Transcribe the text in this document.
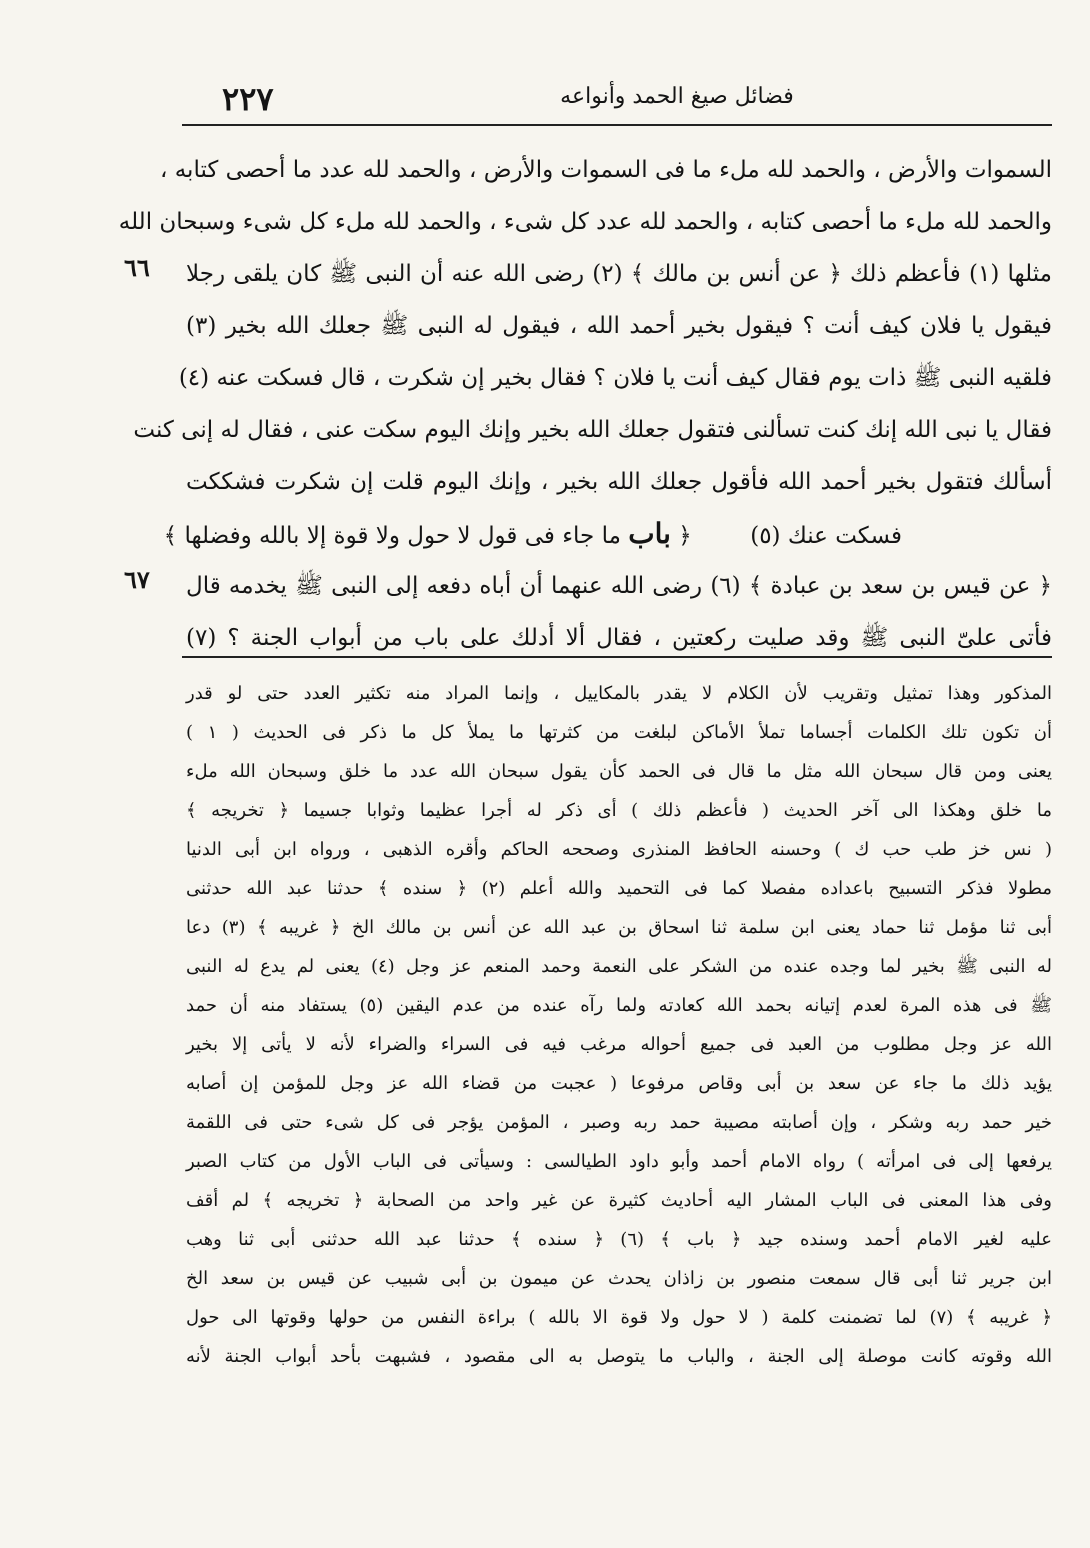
٢٢٧	فضائل صيغ الحمد وأنواعه
٦٦
٦٧
السموات والأرض ، والحمد لله ملء ما فى السموات والأرض ، والحمد لله عدد ما أحصى كتابه ،
والحمد لله ملء ما أحصى كتابه ، والحمد لله عدد كل شىء ، والحمد لله ملء كل شىء وسبحان الله
مثلها (١) فأعظم ذلك ﴿ عن أنس بن مالك ﴾ (٢) رضى الله عنه أن النبى ﷺ كان يلقى رجلا
فيقول يا فلان كيف أنت ؟ فيقول بخير أحمد الله ، فيقول له النبى ﷺ جعلك الله بخير (٣)
فلقيه النبى ﷺ ذات يوم فقال كيف أنت يا فلان ؟ فقال بخير إن شكرت ، قال فسكت عنه (٤)
فقال يا نبى الله إنك كنت تسألنى فتقول جعلك الله بخير وإنك اليوم سكت عنى ، فقال له إنى كنت
أسألك فتقول بخير أحمد الله فأقول جعلك الله بخير ، وإنك اليوم قلت إن شكرت فشككت
فسكت عنك (٥)        ﴿ باب ما جاء فى قول لا حول ولا قوة إلا بالله وفضلها ﴾
﴿ عن قيس بن سعد بن عبادة ﴾ (٦) رضى الله عنهما أن أباه دفعه إلى النبى ﷺ يخدمه قال
فأتى علىّ النبى ﷺ وقد صليت ركعتين ، فقال ألا أدلك على باب من أبواب الجنة ؟ (٧)
المذكور وهذا تمثيل وتقريب لأن الكلام لا يقدر بالمكاييل ، وإنما المراد منه تكثير العدد حتى لو قدر
أن تكون تلك الكلمات أجساما تملأ الأماكن لبلغت من كثرتها ما يملأ كل ما ذكر فى الحديث ( ١ )
يعنى ومن قال سبحان الله مثل ما قال فى الحمد كأن يقول سبحان الله عدد ما خلق وسبحان الله ملء
ما خلق وهكذا الى آخر الحديث ( فأعظم ذلك ) أى ذكر له أجرا عظيما وثوابا جسيما ﴿ تخريجه ﴾
( نس خز طب حب ك ) وحسنه الحافظ المنذرى وصححه الحاكم وأقره الذهبى ، ورواه ابن أبى الدنيا
مطولا فذكر التسبيح باعداده مفصلا كما فى التحميد والله أعلم (٢) ﴿ سنده ﴾ حدثنا عبد الله حدثنى
أبى ثنا مؤمل ثنا حماد يعنى ابن سلمة ثنا اسحاق بن عبد الله عن أنس بن مالك الخ ﴿ غريبه ﴾ (٣) دعا
له النبى ﷺ بخير لما وجده عنده من الشكر على النعمة وحمد المنعم عز وجل (٤) يعنى لم يدع له النبى
ﷺ فى هذه المرة لعدم إتيانه بحمد الله كعادته ولما رآه عنده من عدم اليقين (٥) يستفاد منه أن حمد
الله عز وجل مطلوب من العبد فى جميع أحواله مرغب فيه فى السراء والضراء لأنه لا يأتى إلا بخير
يؤيد ذلك ما جاء عن سعد بن أبى وقاص مرفوعا ( عجبت من قضاء الله عز وجل للمؤمن إن أصابه
خير حمد ربه وشكر ، وإن أصابته مصيبة حمد ربه وصبر ، المؤمن يؤجر فى كل شىء حتى فى اللقمة
يرفعها إلى فى امرأته ) رواه الامام أحمد وأبو داود الطيالسى : وسيأتى فى الباب الأول من كتاب الصبر
وفى هذا المعنى فى الباب المشار اليه أحاديث كثيرة عن غير واحد من الصحابة ﴿ تخريجه ﴾ لم أقف
عليه لغير الامام أحمد وسنده جيد ﴿ باب ﴾ (٦) ﴿ سنده ﴾ حدثنا عبد الله حدثنى أبى ثنا وهب
ابن جرير ثنا أبى قال سمعت منصور بن زاذان يحدث عن ميمون بن أبى شبيب عن قيس بن سعد الخ
﴿ غريبه ﴾ (٧) لما تضمنت كلمة ( لا حول ولا قوة الا بالله ) براءة النفس من حولها وقوتها الى حول
الله وقوته كانت موصلة إلى الجنة ، والباب ما يتوصل به الى مقصود ، فشبهت بأحد أبواب الجنة لأنه
